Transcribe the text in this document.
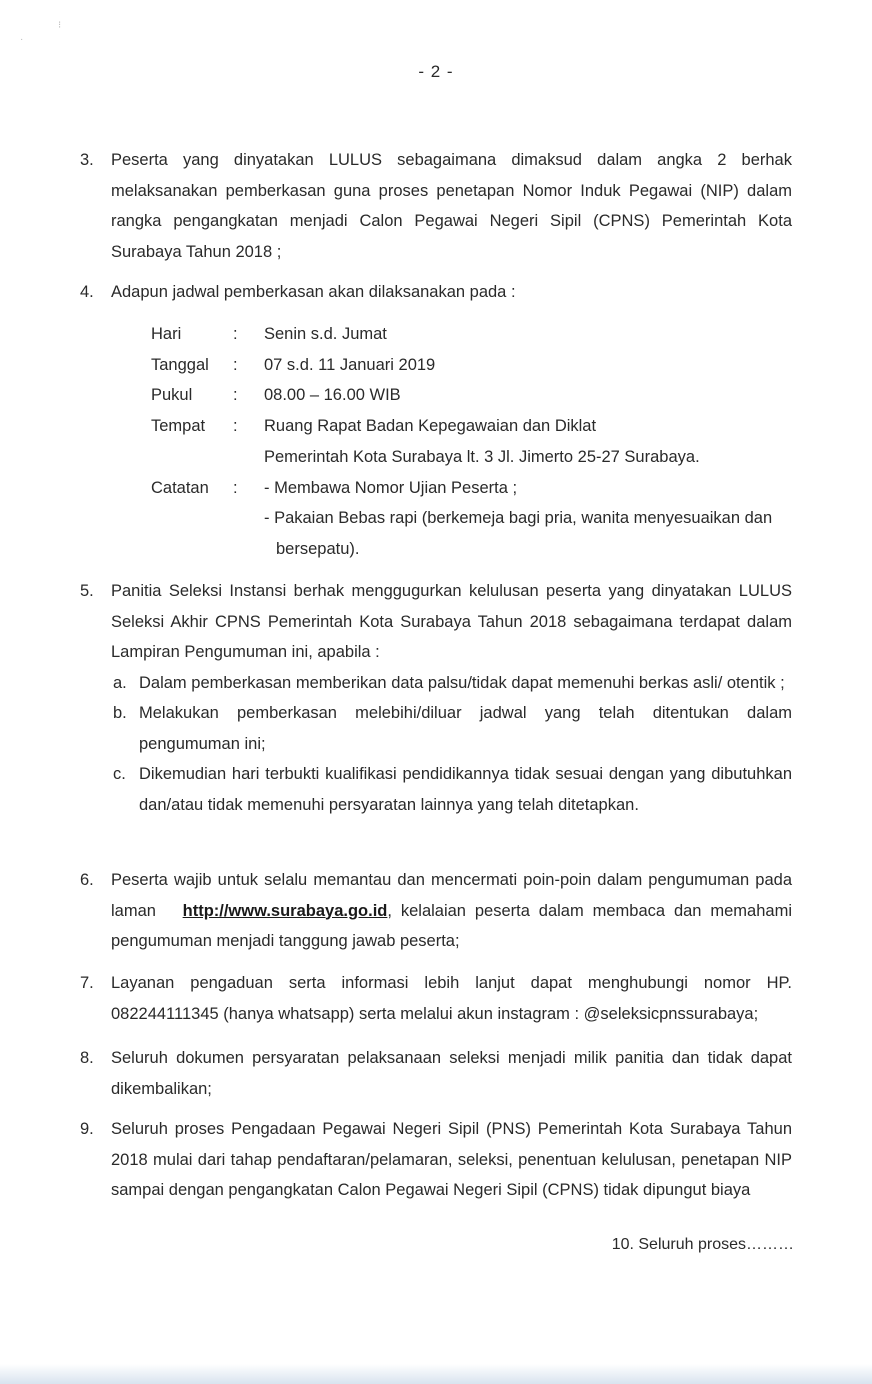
·
⁝
- 2 -
3.	Peserta yang dinyatakan LULUS sebagaimana dimaksud dalam angka 2 berhak melaksanakan pemberkasan guna proses penetapan Nomor Induk Pegawai (NIP) dalam rangka pengangkatan menjadi Calon Pegawai Negeri Sipil (CPNS) Pemerintah Kota Surabaya Tahun 2018 ;
4.	Adapun jadwal pemberkasan akan dilaksanakan pada :
Hari	:	Senin s.d. Jumat
Tanggal	:	07 s.d. 11 Januari 2019
Pukul	:	08.00 – 16.00 WIB
Tempat	:	Ruang Rapat Badan Kepegawaian dan Diklat

Pemerintah Kota Surabaya lt. 3 Jl. Jimerto 25-27 Surabaya.

Catatan	:	- Membawa Nomor Ujian Peserta ;

- Pakaian Bebas rapi (berkemeja bagi pria, wanita menyesuaikan dan

bersepatu).

5.	Panitia Seleksi Instansi berhak menggugurkan kelulusan peserta yang dinyatakan LULUS Seleksi Akhir CPNS Pemerintah Kota Surabaya Tahun 2018 sebagaimana terdapat dalam Lampiran Pengumuman ini, apabila :
a. Dalam pemberkasan memberikan data palsu/tidak dapat memenuhi berkas asli/ otentik ;
b. Melakukan pemberkasan melebihi/diluar jadwal yang telah ditentukan dalam pengumuman ini;
c. Dikemudian hari terbukti kualifikasi pendidikannya tidak sesuai dengan yang dibutuhkan dan/atau tidak memenuhi persyaratan lainnya yang telah ditetapkan.
6.	Peserta wajib untuk selalu memantau dan mencermati poin-poin dalam pengumuman pada laman http://www.surabaya.go.id, kelalaian peserta dalam membaca dan memahami pengumuman menjadi tanggung jawab peserta;
7.	Layanan pengaduan serta informasi lebih lanjut dapat menghubungi nomor HP. 082244111345 (hanya whatsapp) serta melalui akun instagram : @seleksicpnssurabaya;
8.	Seluruh dokumen persyaratan pelaksanaan seleksi menjadi milik panitia dan tidak dapat dikembalikan;
9.	Seluruh proses Pengadaan Pegawai Negeri Sipil (PNS) Pemerintah Kota Surabaya Tahun 2018 mulai dari tahap pendaftaran/pelamaran, seleksi, penentuan kelulusan, penetapan NIP sampai dengan pengangkatan Calon Pegawai Negeri Sipil (CPNS) tidak dipungut biaya
10. Seluruh proses………
